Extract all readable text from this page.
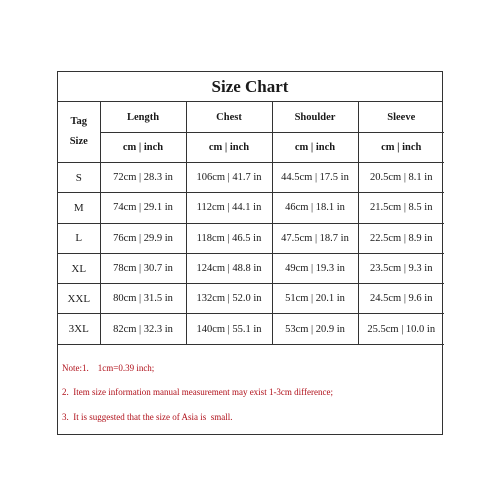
Size Chart
Tag
Size	Length	Chest	Shoulder	Sleeve
	cm | inch	cm | inch	cm | inch	cm | inch
S	72cm | 28.3 in	106cm | 41.7 in	44.5cm | 17.5 in	20.5cm | 8.1 in
M	74cm | 29.1 in	112cm | 44.1 in	46cm | 18.1 in	21.5cm | 8.5 in
L	76cm | 29.9 in	118cm | 46.5 in	47.5cm | 18.7 in	22.5cm | 8.9 in
XL	78cm | 30.7 in	124cm | 48.8 in	49cm | 19.3 in	23.5cm | 9.3 in
XXL	80cm | 31.5 in	132cm | 52.0 in	51cm | 20.1 in	24.5cm | 9.6 in
3XL	82cm | 32.3 in	140cm | 55.1 in	53cm | 20.9 in	25.5cm | 10.0 in
Note:1.    1cm=0.39 inch;
2.  Item size information manual measurement may exist 1-3cm difference;
3.  It is suggested that the size of Asia is  small.
